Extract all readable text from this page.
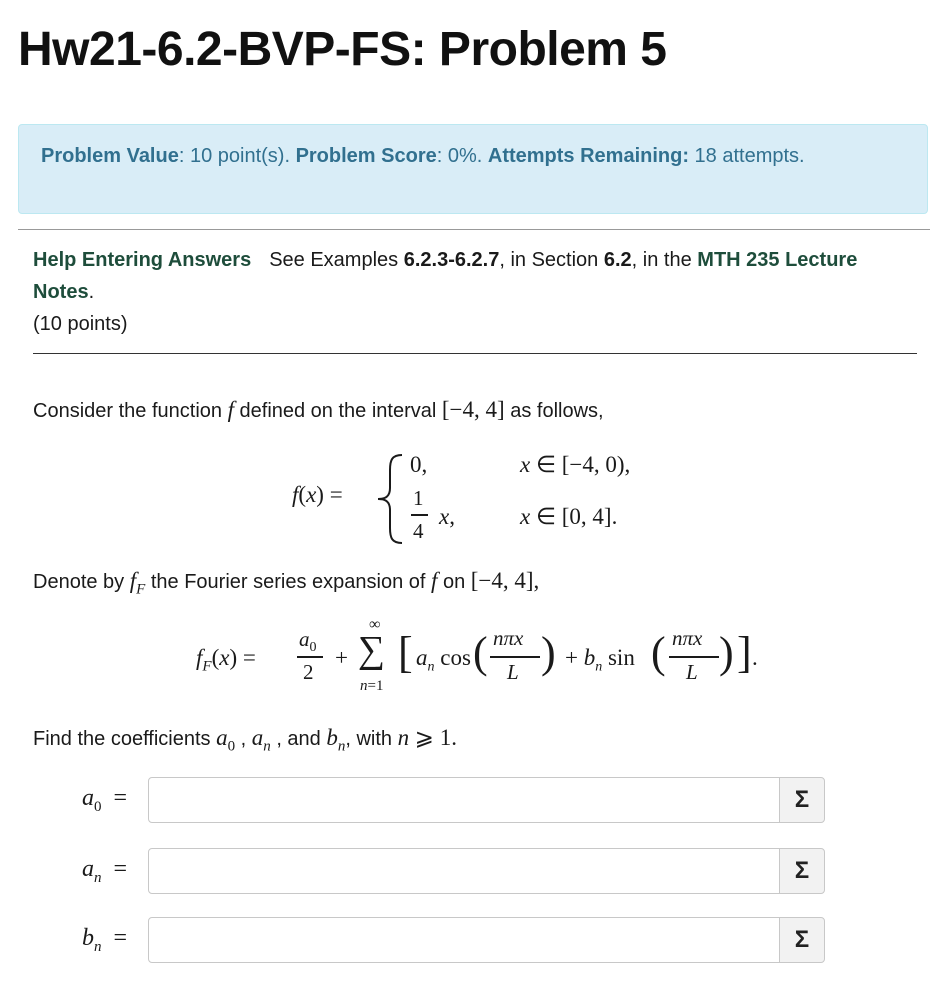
Hw21-6.2-BVP-FS: Problem 5
Problem Value: 10 point(s). Problem Score: 0%. Attempts Remaining: 18 attempts.
Help Entering Answers See Examples 6.2.3-6.2.7, in Section 6.2, in the MTH 235 Lecture Notes.
(10 points)
Consider the function f defined on the interval [−4, 4] as follows,
f(x) =
0,
1
4
x,
x ∈ [−4, 0),
x ∈ [0, 4].
Denote by $f_F$ the Fourier series expansion of f on [−4, 4],
$f_F(x)$ =
$a_0$
2
+
∞
∑
n=1
[ $a_n$ cos ( nπx
L ) + $b_n$ sin ( nπx
L ) ] .
Find the coefficients $a_0$ , $a_n$ , and $b_n$, with n ⩾ 1.
$a_0$  =	Σ
$a_n$  =	Σ
$b_n$  =	Σ
